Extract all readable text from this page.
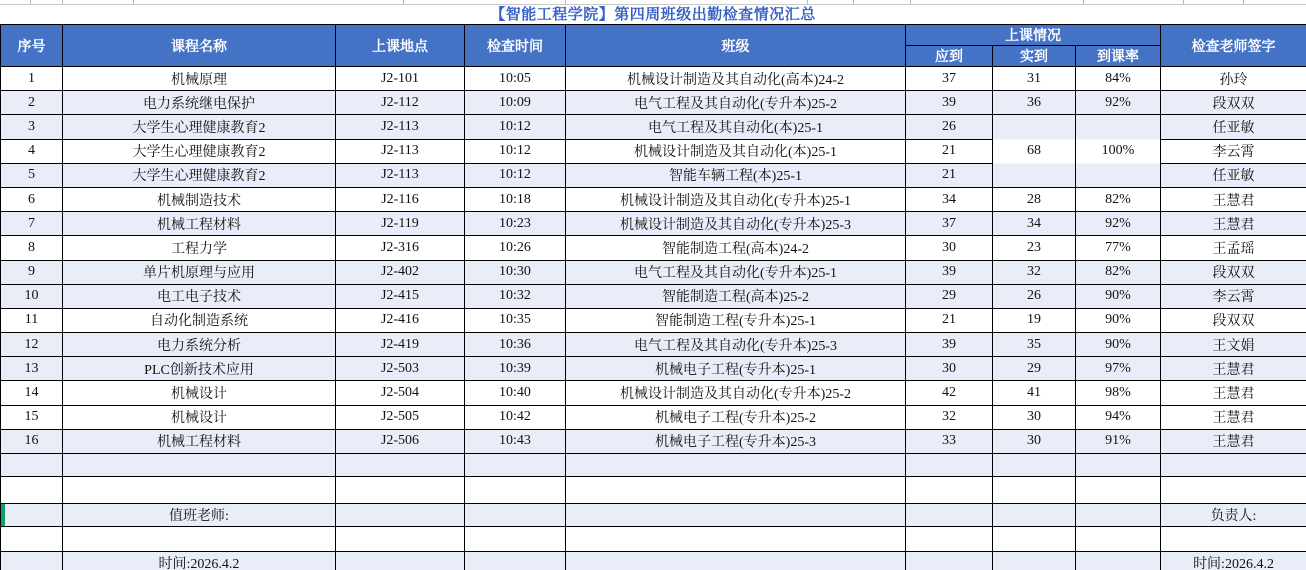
【智能工程学院】第四周班级出勤检查情况汇总
序号	课程名称	上课地点	检查时间	班级	上课情况			检查老师签字
					应到	实到	到课率	
1	机械原理	J2-101	10:05	机械设计制造及其自动化(高本)24-2	37	31	84%	孙玲
2	电力系统继电保护	J2-112	10:09	电气工程及其自动化(专升本)25-2	39	36	92%	段双双
3	大学生心理健康教育2	J2-113	10:12	电气工程及其自动化(本)25-1	26	68	100%	任亚敏
4	大学生心理健康教育2	J2-113	10:12	机械设计制造及其自动化(本)25-1	21			李云霄
5	大学生心理健康教育2	J2-113	10:12	智能车辆工程(本)25-1	21			任亚敏
6	机械制造技术	J2-116	10:18	机械设计制造及其自动化(专升本)25-1	34	28	82%	王慧君
7	机械工程材料	J2-119	10:23	机械设计制造及其自动化(专升本)25-3	37	34	92%	王慧君
8	工程力学	J2-316	10:26	智能制造工程(高本)24-2	30	23	77%	王孟瑶
9	单片机原理与应用	J2-402	10:30	电气工程及其自动化(专升本)25-1	39	32	82%	段双双
10	电工电子技术	J2-415	10:32	智能制造工程(高本)25-2	29	26	90%	李云霄
11	自动化制造系统	J2-416	10:35	智能制造工程(专升本)25-1	21	19	90%	段双双
12	电力系统分析	J2-419	10:36	电气工程及其自动化(专升本)25-3	39	35	90%	王文娟
13	PLC创新技术应用	J2-503	10:39	机械电子工程(专升本)25-1	30	29	97%	王慧君
14	机械设计	J2-504	10:40	机械设计制造及其自动化(专升本)25-2	42	41	98%	王慧君
15	机械设计	J2-505	10:42	机械电子工程(专升本)25-2	32	30	94%	王慧君
16	机械工程材料	J2-506	10:43	机械电子工程(专升本)25-3	33	30	91%	王慧君

	值班老师:							负责人:

	时间:2026.4.2							时间:2026.4.2
